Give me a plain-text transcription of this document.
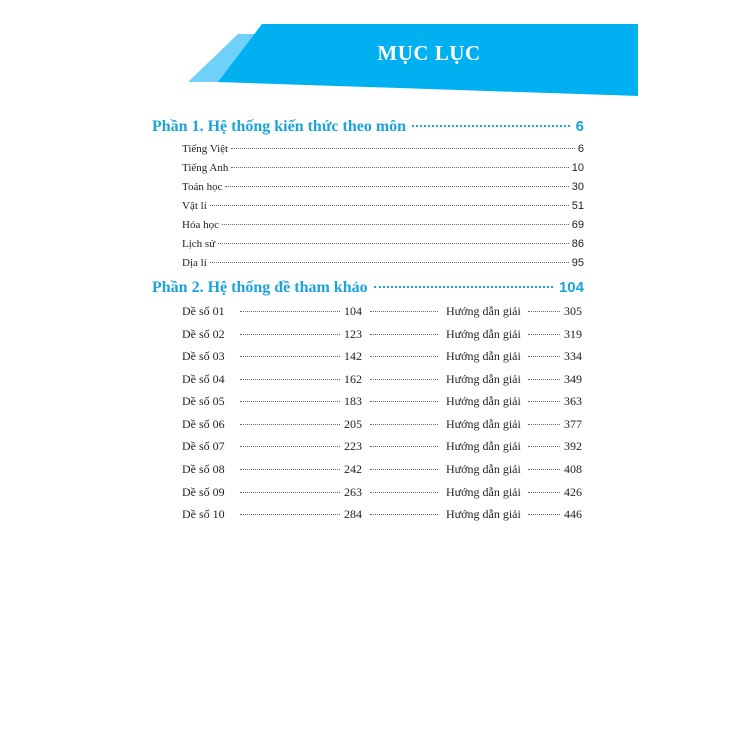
MỤC LỤC
Phần 1. Hệ thống kiến thức theo môn	6
Tiếng Việt	6
Tiếng Anh	10
Toán học	30
Vật lí	51
Hóa học	69
Lịch sử	86
Dịa lí	95
Phần 2. Hệ thống đề tham khảo	104
Dề số 01	104	Hướng dẫn giải	305
Dề số 02	123	Hướng dẫn giải	319
Dề số 03	142	Hướng dẫn giải	334
Dề số 04	162	Hướng dẫn giải	349
Dề số 05	183	Hướng dẫn giải	363
Dề số 06	205	Hướng dẫn giải	377
Dề số 07	223	Hướng dẫn giải	392
Dề số 08	242	Hướng dẫn giải	408
Dề số 09	263	Hướng dẫn giải	426
Dề số 10	284	Hướng dẫn giải	446
